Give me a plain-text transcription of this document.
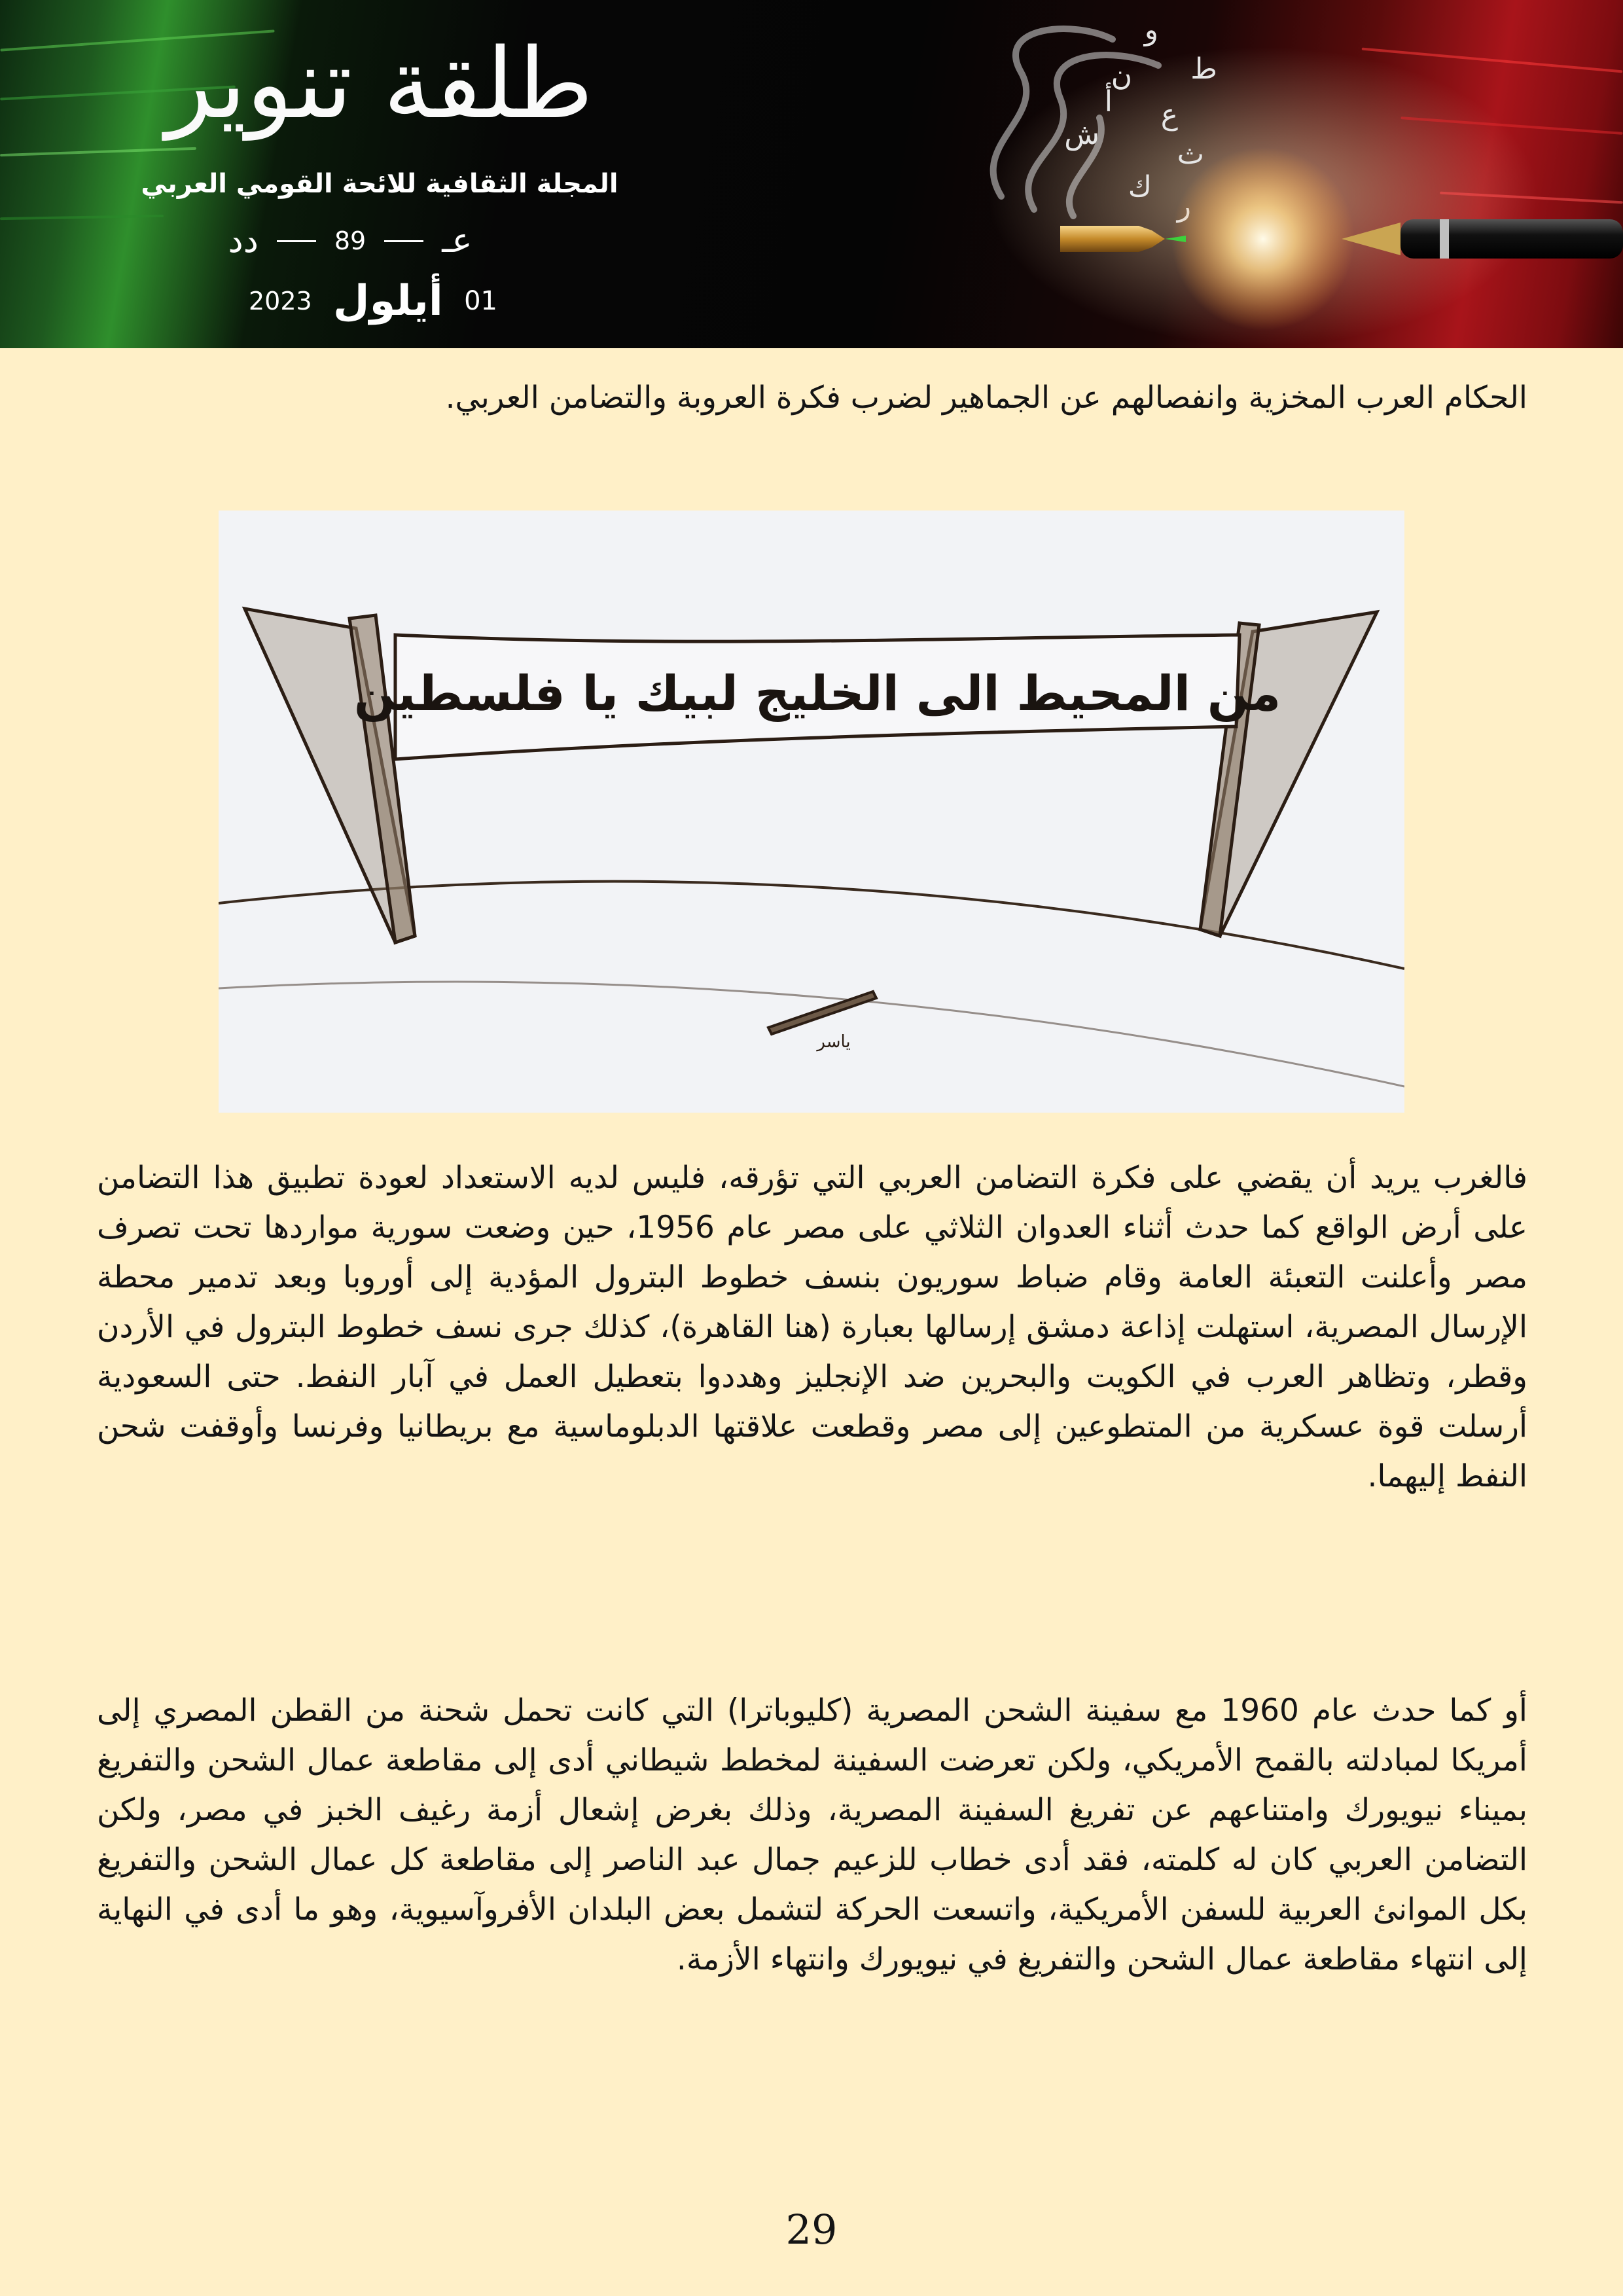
طلقة تنوير
المجلة الثقافية للائحة القومي العربي
عـ
89
دد
01
أيلول
2023
و
ن
ع
ش
ث
ك
ط
أ

الحكام العرب المخزية وانفصالهم عن الجماهير لضرب فكرة العروبة والتضامن العربي.

من المحيط الى الخليج لبيك يا فلسطين
ياسر

فالغرب يريد أن يقضي على فكرة التضامن العربي التي تؤرقه، فليس لديه الاستعداد لعودة تطبيق هذا التضامن على أرض الواقع كما حدث أثناء العدوان الثلاثي على مصر عام 1956، حين وضعت سورية مواردها تحت تصرف مصر وأعلنت التعبئة العامة وقام ضباط سوريون بنسف خطوط البترول المؤدية إلى أوروبا وبعد تدمير محطة الإرسال المصرية، استهلت إذاعة دمشق إرسالها بعبارة (هنا القاهرة)، كذلك جرى نسف خطوط البترول في الأردن وقطر، وتظاهر العرب في الكويت والبحرين ضد الإنجليز وهددوا بتعطيل العمل في آبار النفط. حتى السعودية أرسلت قوة عسكرية من المتطوعين إلى مصر وقطعت علاقتها الدبلوماسية مع بريطانيا وفرنسا وأوقفت شحن النفط إليهما.

أو كما حدث عام 1960 مع سفينة الشحن المصرية (كليوباترا) التي كانت تحمل شحنة من القطن المصري إلى أمريكا لمبادلته بالقمح الأمريكي، ولكن تعرضت السفينة لمخطط شيطاني أدى إلى مقاطعة عمال الشحن والتفريغ بميناء نيويورك وامتناعهم عن تفريغ السفينة المصرية، وذلك بغرض إشعال أزمة رغيف الخبز في مصر، ولكن التضامن العربي كان له كلمته، فقد أدى خطاب للزعيم جمال عبد الناصر إلى مقاطعة كل عمال الشحن والتفريغ بكل الموانئ العربية للسفن الأمريكية، واتسعت الحركة لتشمل بعض البلدان الأفروآسيوية، وهو ما أدى في النهاية إلى انتهاء مقاطعة عمال الشحن والتفريغ في نيويورك وانتهاء الأزمة.

29
